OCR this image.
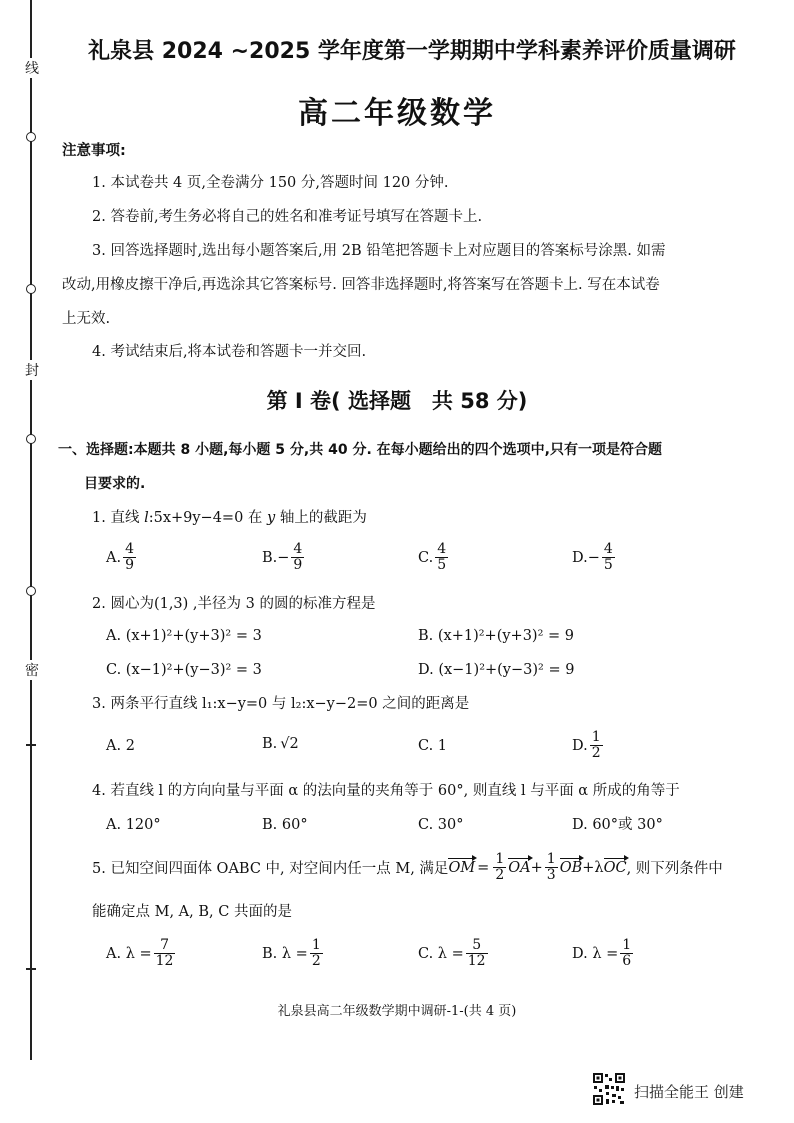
线
封
密
礼泉县 2024 ~2025 学年度第一学期期中学科素养评价质量调研
高二年级数学
注意事项:
1. 本试卷共 4 页,全卷满分 150 分,答题时间 120 分钟.
2. 答卷前,考生务必将自己的姓名和准考证号填写在答题卡上.
3. 回答选择题时,选出每小题答案后,用 2B 铅笔把答题卡上对应题目的答案标号涂黑. 如需
改动,用橡皮擦干净后,再选涂其它答案标号. 回答非选择题时,将答案写在答题卡上. 写在本试卷
上无效.
4. 考试结束后,将本试卷和答题卡一并交回.
第 I 卷( 选择题　共 58 分)
一、选择题:本题共 8 小题,每小题 5 分,共 40 分. 在每小题给出的四个选项中,只有一项是符合题
目要求的.
1. 直线 l:5x+9y−4=0 在 y 轴上的截距为
A. $\frac{4}{9}$	B. − $\frac{4}{9}$	C. $\frac{4}{5}$	D. − $\frac{4}{5}$
2. 圆心为(1,3) ,半径为 3 的圆的标准方程是
A. (x+1)²+(y+3)² = 3	B. (x+1)²+(y+3)² = 9
C. (x−1)²+(y−3)² = 3	D. (x−1)²+(y−3)² = 9
3. 两条平行直线 l₁:x−y=0 与 l₂:x−y−2=0 之间的距离是
A. 2	B. √2	C. 1	D. $\frac{1}{2}$
4. 若直线 l 的方向向量与平面 α 的法向量的夹角等于 60°, 则直线 l 与平面 α 所成的角等于
A. 120°	B. 60°	C. 30°	D. 60°或 30°
5. 已知空间四面体 OABC 中, 对空间内任一点 M, 满足 OM = $\frac{1}{2}$ OA + $\frac{1}{3}$ OB +λ OC , 则下列条件中
能确定点 M, A, B, C 共面的是
A. $\lambda = \frac{7}{12}$	B. $\lambda = \frac{1}{2}$	C. $\lambda = \frac{5}{12}$	D. $\lambda = \frac{1}{6}$
礼泉县高二年级数学期中调研-1-(共 4 页)
扫描全能王 创建
